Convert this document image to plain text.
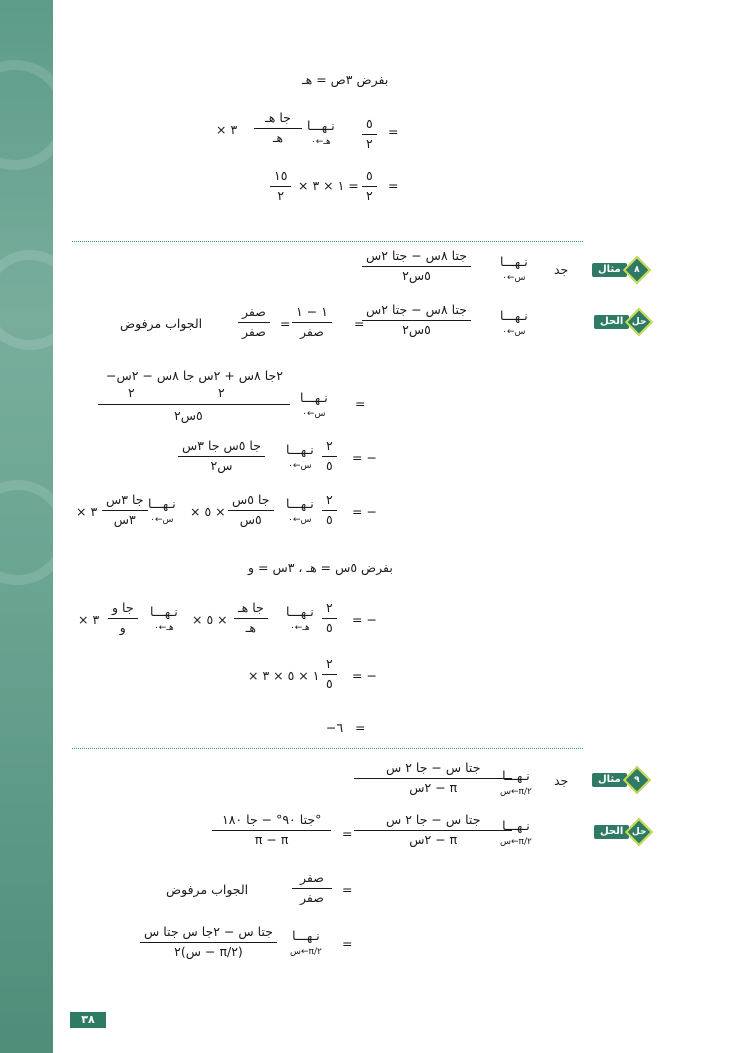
بفرض ٣ص = هـ
=
٥
٢
نـهـــا
هـ←٠
جا هـ
هـ
× ٣
=
٥
٢
× ١ × ٣ =
١٥
٢
٨
مثال
جد
نـهـــا
س←٠
جتا ٨س − جتا ٢س
٥س٢
حل
الحل
نـهـــا
س←٠
جتا ٨س − جتا ٢س
٥س٢
=
١ − ١
صفر
=
صفر
صفر
الجواب مرفوض
=
نـهـــا
س←٠
−٢جا ٨س + ٢س جا ٨س − ٢س
٢	٢
٥س٢
= −
٢
٥
نـهـــا
س←٠
جا ٥س جا ٣س
س٢
= −
٢
٥
نـهـــا
س←٠
جا ٥س
٥س
× ٥ ×
نـهـــا
س←٠
جا ٣س
٣س
× ٣
بفرض ٥س = هـ ، ٣س = و
= −
٢
٥
نـهـــا
هـ←٠
جا هـ
هـ
× ٥ ×
نـهـــا
هـ←٠
جا و
و
× ٣
= −
٢
٥
× ١ × ٥ × ٣
=
−٦
٩
مثال
جد
نـهـــا
س←π/٢
جتا س − جا ٢ س
٢س − π
حل
الحل
نـهـــا
س←π/٢
جتا س − جا ٢ س
٢س − π
=
جتا ٩٠° − جا ١٨٠°
π − π
=
صفر
صفر
الجواب مرفوض
=
نـهـــا
س←π/٢
جتا س − ٢جا س جتا س
٢(س − π/٢)
٣٨
